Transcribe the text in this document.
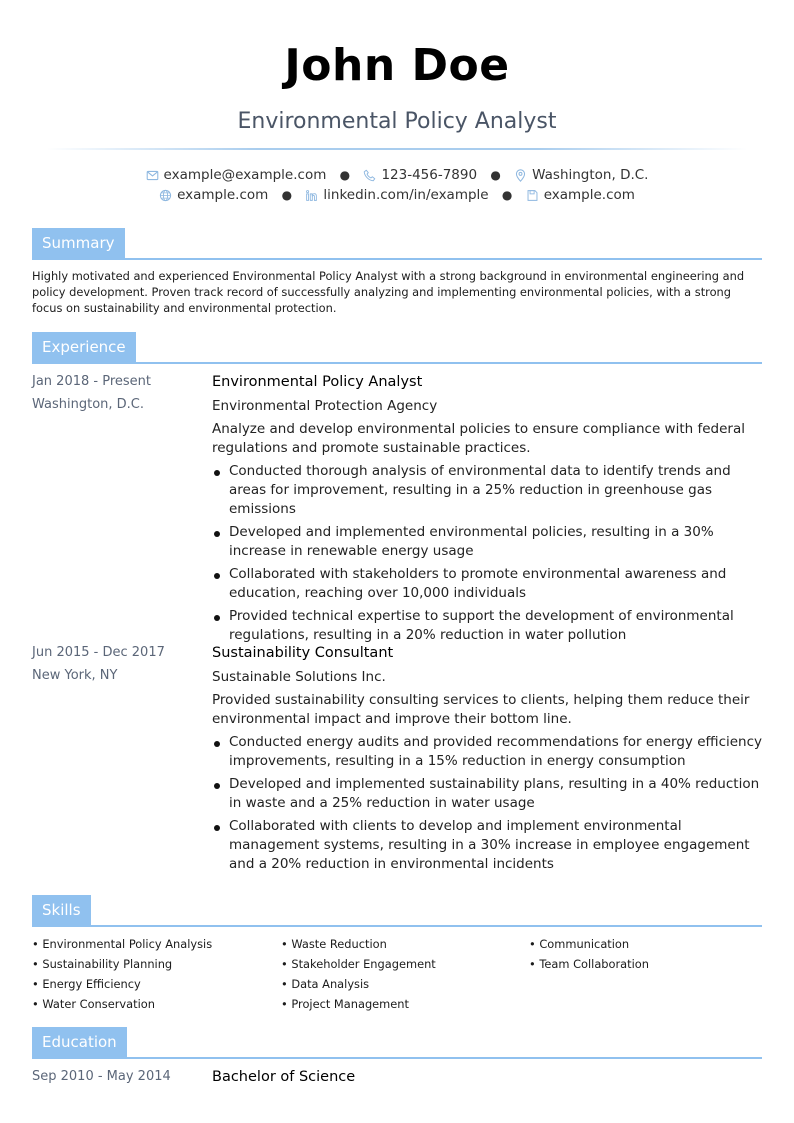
John Doe
Environmental Policy Analyst
example@example.com ● 123-456-7890 ● Washington, D.C.
example.com ● linkedin.com/in/example ● example.com
Summary
Highly motivated and experienced Environmental Policy Analyst with a strong background in environmental engineering and policy development. Proven track record of successfully analyzing and implementing environmental policies, with a strong focus on sustainability and environmental protection.
Experience
Jan 2018 - Present
Washington, D.C.
Environmental Policy Analyst
Environmental Protection Agency
Analyze and develop environmental policies to ensure compliance with federal regulations and promote sustainable practices.
Conducted thorough analysis of environmental data to identify trends and areas for improvement, resulting in a 25% reduction in greenhouse gas emissions
Developed and implemented environmental policies, resulting in a 30% increase in renewable energy usage
Collaborated with stakeholders to promote environmental awareness and education, reaching over 10,000 individuals
Provided technical expertise to support the development of environmental regulations, resulting in a 20% reduction in water pollution
Jun 2015 - Dec 2017
New York, NY
Sustainability Consultant
Sustainable Solutions Inc.
Provided sustainability consulting services to clients, helping them reduce their environmental impact and improve their bottom line.
Conducted energy audits and provided recommendations for energy efficiency improvements, resulting in a 15% reduction in energy consumption
Developed and implemented sustainability plans, resulting in a 40% reduction in waste and a 25% reduction in water usage
Collaborated with clients to develop and implement environmental management systems, resulting in a 30% increase in employee engagement and a 20% reduction in environmental incidents
Skills
• Environmental Policy Analysis
• Sustainability Planning
• Energy Efficiency
• Water Conservation
• Waste Reduction
• Stakeholder Engagement
• Data Analysis
• Project Management
• Communication
• Team Collaboration
Education
Sep 2010 - May 2014	Bachelor of Science
